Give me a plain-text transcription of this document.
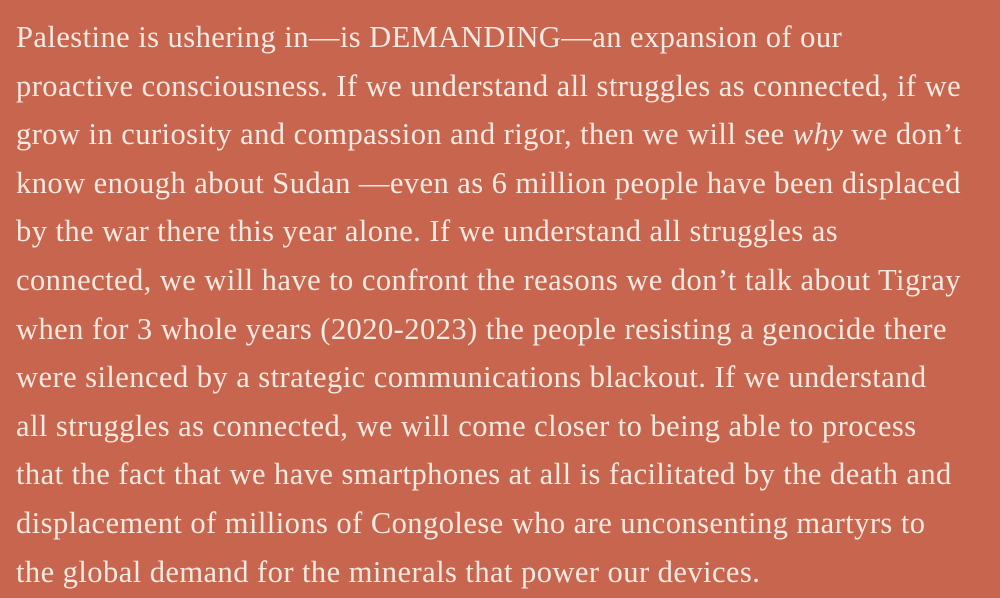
Palestine is ushering in—is DEMANDING—an expansion of our
proactive consciousness. If we understand all struggles as connected, if we
grow in curiosity and compassion and rigor, then we will see why we don’t
know enough about Sudan —even as 6 million people have been displaced
by the war there this year alone. If we understand all struggles as
connected, we will have to confront the reasons we don’t talk about Tigray
when for 3 whole years (2020-2023) the people resisting a genocide there
were silenced by a strategic communications blackout. If we understand
all struggles as connected, we will come closer to being able to process
that the fact that we have smartphones at all is facilitated by the death and
displacement of millions of Congolese who are unconsenting martyrs to
the global demand for the minerals that power our devices.
